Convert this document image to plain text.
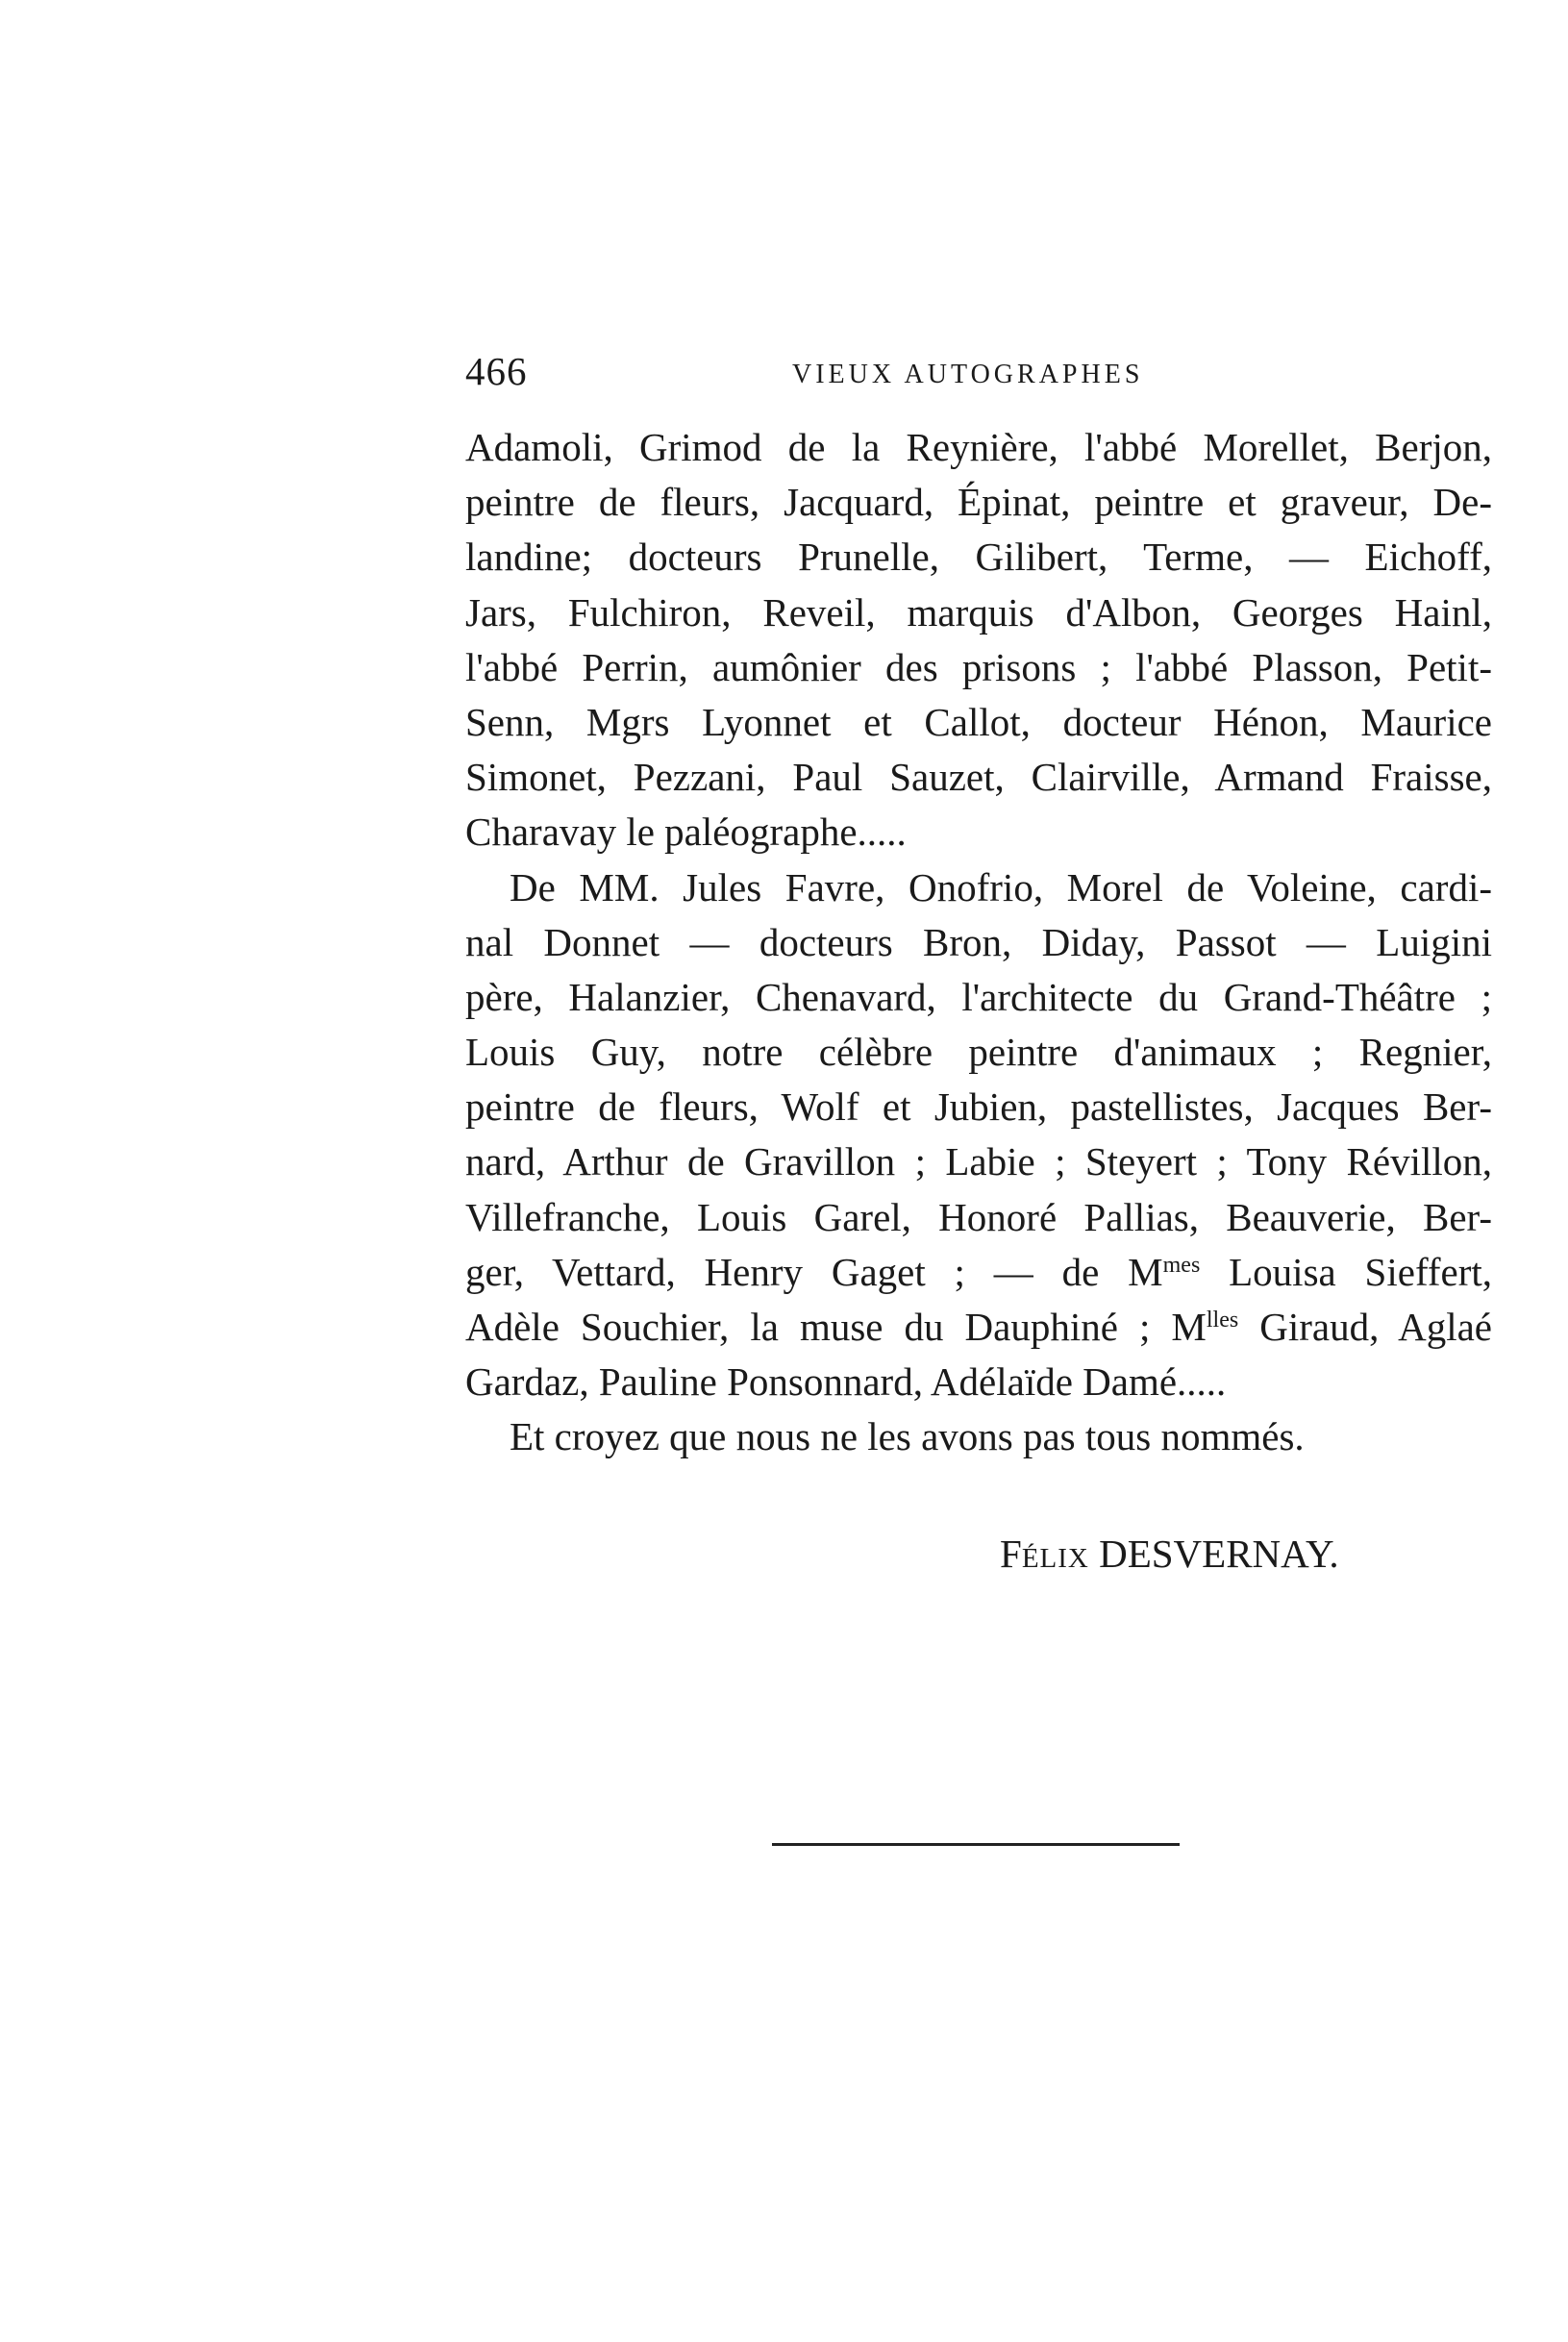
466	VIEUX AUTOGRAPHES
Adamoli, Grimod de la Reynière, l'abbé Morellet, Berjon,
peintre de fleurs, Jacquard, Épinat, peintre et graveur, De-
landine; docteurs Prunelle, Gilibert, Terme, — Eichoff,
Jars, Fulchiron, Reveil, marquis d'Albon, Georges Hainl,
l'abbé Perrin, aumônier des prisons ; l'abbé Plasson, Petit-
Senn, Mgrs Lyonnet et Callot, docteur Hénon, Maurice
Simonet, Pezzani, Paul Sauzet, Clairville, Armand Fraisse,
Charavay le paléographe.....
De MM. Jules Favre, Onofrio, Morel de Voleine, cardi-
nal Donnet — docteurs Bron, Diday, Passot — Luigini
père, Halanzier, Chenavard, l'architecte du Grand-Théâtre ;
Louis Guy, notre célèbre peintre d'animaux ; Regnier,
peintre de fleurs, Wolf et Jubien, pastellistes, Jacques Ber-
nard, Arthur de Gravillon ; Labie ; Steyert ; Tony Révillon,
Villefranche, Louis Garel, Honoré Pallias, Beauverie, Ber-
ger, Vettard, Henry Gaget ; — de $M^{mes}$ Louisa Sieffert,
Adèle Souchier, la muse du Dauphiné ; $M^{lles}$ Giraud, Aglaé
Gardaz, Pauline Ponsonnard, Adélaïde Damé.....
Et croyez que nous ne les avons pas tous nommés.
FÉLIX DESVERNAY.
